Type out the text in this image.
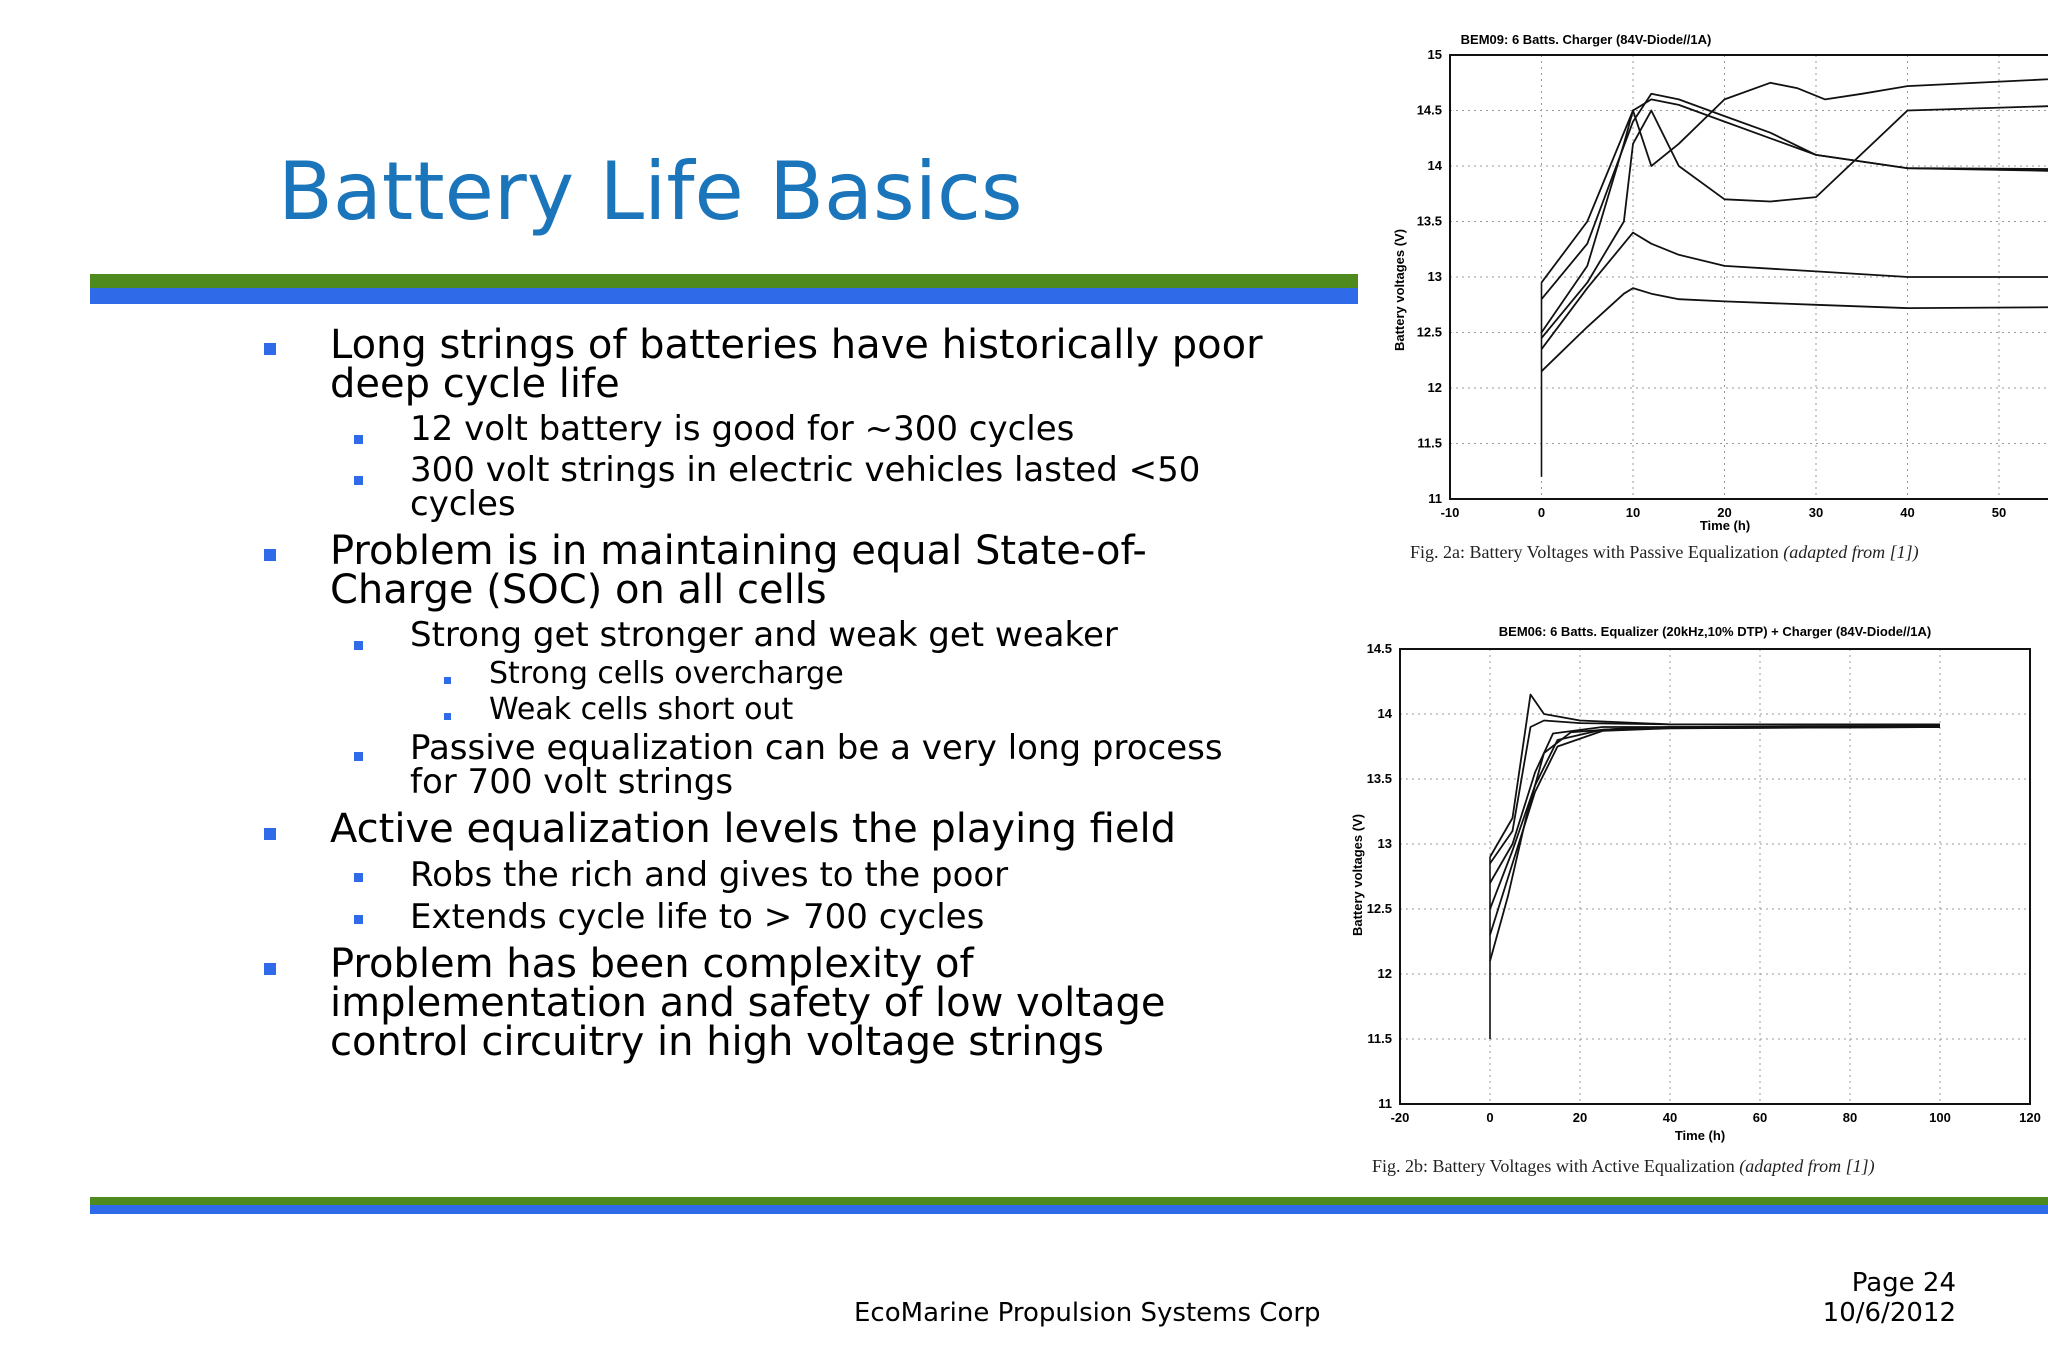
Battery Life Basics
Long strings of batteries have historically poor
deep cycle life
12 volt battery is good for ~300 cycles
300 volt strings in electric vehicles lasted <50
cycles
Problem is in maintaining equal State-of-
Charge (SOC) on all cells
Strong get stronger and weak get weaker
Strong cells overcharge
Weak cells short out
Passive equalization can be a very long process
for 700 volt strings
Active equalization levels the playing field
Robs the rich and gives to the poor
Extends cycle life to > 700 cycles
Problem has been complexity of
implementation and safety of low voltage
control circuitry in high voltage strings
11
11.5
12
12.5
13
13.5
14
14.5
15
-10	0	10	20	30	40	50
BEM09: 6 Batts. Charger (84V-Diode//1A)
Time (h)
Battery voltages (V)
Fig. 2a: Battery Voltages with Passive Equalization (adapted from [1])
11
11.5
12
12.5
13
13.5
14
14.5
-20	0	20	40	60	80	100	120
BEM06: 6 Batts. Equalizer (20kHz,10% DTP) + Charger (84V-Diode//1A)
Time (h)
Battery voltages (V)
Fig. 2b: Battery Voltages with Active Equalization (adapted from [1])
EcoMarine Propulsion Systems Corp
Page 24
10/6/2012
